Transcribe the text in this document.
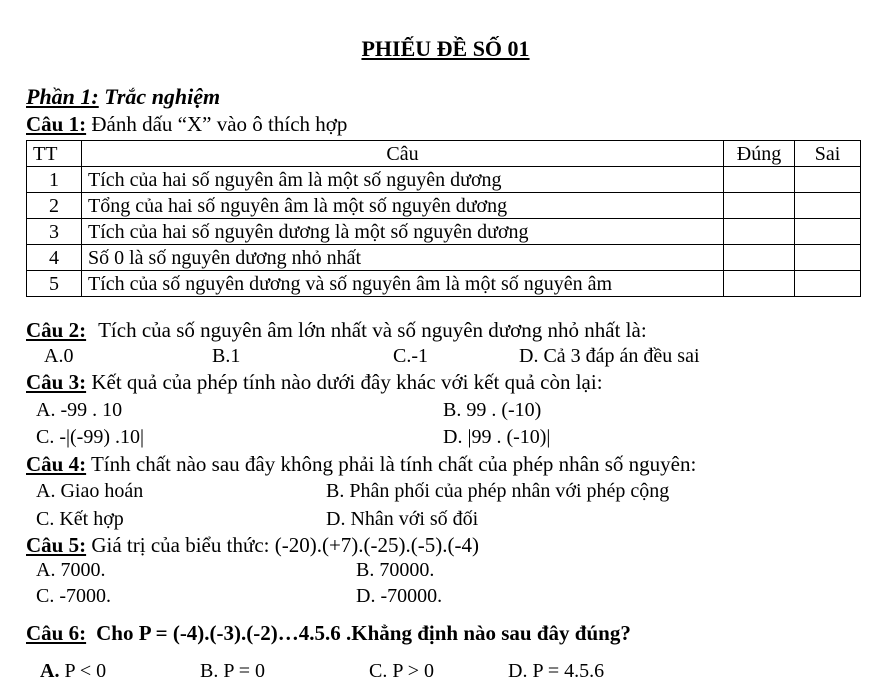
PHIẾU ĐỀ SỐ 01
Phần 1: Trắc nghiệm
Câu 1: Đánh dấu “X” vào ô thích hợp
TT	Câu	Đúng	Sai
1	Tích của hai số nguyên âm là một số nguyên dương		
2	Tổng của hai số nguyên âm là một số nguyên dương		
3	Tích của hai số nguyên dương là một số nguyên dương		
4	Số 0 là số nguyên dương nhỏ nhất		
5	Tích của số nguyên dương và số nguyên âm là một số nguyên âm		
Câu 2: Tích của số nguyên âm lớn nhất và số nguyên dương nhỏ nhất là:
A.0	B.1	C.-1	D. Cả 3 đáp án đều sai
Câu 3: Kết quả của phép tính nào dưới đây khác với kết quả còn lại:
A. -99 . 10	B. 99 . (-10)
C. -|(-99) .10|	D. |99 . (-10)|
Câu 4: Tính chất nào sau đây không phải là tính chất của phép nhân số nguyên:
A. Giao hoán	B. Phân phối của phép nhân với phép cộng
C. Kết hợp	D. Nhân với số đối
Câu 5: Giá trị của biểu thức: (-20).(+7).(-25).(-5).(-4)
A. 7000.	B. 70000.
C. -7000.	D. -70000.
Câu 6: Cho P = (-4).(-3).(-2)…4.5.6 .Khẳng định nào sau đây đúng?
A. P < 0	B. P = 0	C. P > 0	D. P = 4.5.6
